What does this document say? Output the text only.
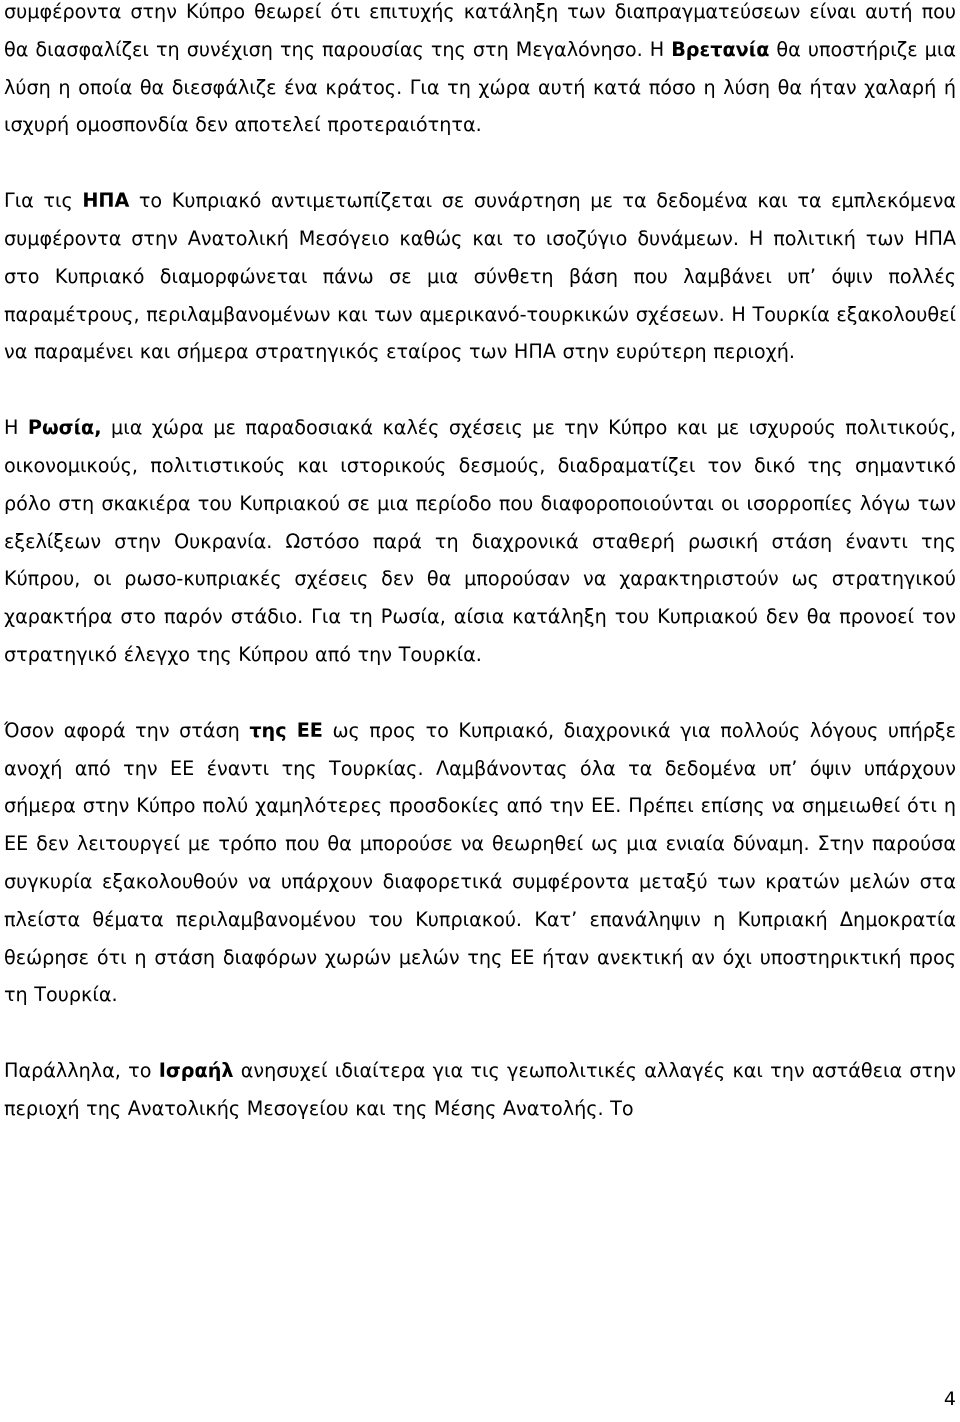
συμφέροντα στην Κύπρο θεωρεί ότι επιτυχής κατάληξη των διαπραγματεύσεων είναι αυτή που θα διασφαλίζει τη συνέχιση της παρουσίας της στη Μεγαλόνησο. Η Βρετανία θα υποστήριζε μια λύση η οποία θα διεσφάλιζε ένα κράτος. Για τη χώρα αυτή κατά πόσο η λύση θα ήταν χαλαρή ή ισχυρή ομοσπονδία δεν αποτελεί προτεραιότητα.

Για τις ΗΠΑ το Κυπριακό αντιμετωπίζεται σε συνάρτηση με τα δεδομένα και τα εμπλεκόμενα συμφέροντα στην Ανατολική Μεσόγειο καθώς και το ισοζύγιο δυνάμεων. Η πολιτική των ΗΠΑ στο Κυπριακό διαμορφώνεται πάνω σε μια σύνθετη βάση που λαμβάνει υπ’ όψιν πολλές παραμέτρους, περιλαμβανομένων και των αμερικανό-τουρκικών σχέσεων. Η Τουρκία εξακολουθεί να παραμένει και σήμερα στρατηγικός εταίρος των ΗΠΑ στην ευρύτερη περιοχή.

Η Ρωσία, μια χώρα με παραδοσιακά καλές σχέσεις με την Κύπρο και με ισχυρούς πολιτικούς, οικονομικούς, πολιτιστικούς και ιστορικούς δεσμούς, διαδραματίζει τον δικό της σημαντικό ρόλο στη σκακιέρα του Κυπριακού σε μια περίοδο που διαφοροποιούνται οι ισορροπίες λόγω των εξελίξεων στην Ουκρανία. Ωστόσο παρά τη διαχρονικά σταθερή ρωσική στάση έναντι της Κύπρου, οι ρωσο-κυπριακές σχέσεις δεν θα μπορούσαν να χαρακτηριστούν ως στρατηγικού χαρακτήρα στο παρόν στάδιο. Για τη Ρωσία, αίσια κατάληξη του Κυπριακού δεν θα προνοεί τον στρατηγικό έλεγχο της Κύπρου από την Τουρκία.

Όσον αφορά την στάση της ΕΕ ως προς το Κυπριακό, διαχρονικά για πολλούς λόγους υπήρξε ανοχή από την ΕΕ έναντι της Τουρκίας. Λαμβάνοντας όλα τα δεδομένα υπ’ όψιν υπάρχουν σήμερα στην Κύπρο πολύ χαμηλότερες προσδοκίες από την ΕΕ. Πρέπει επίσης να σημειωθεί ότι η ΕΕ δεν λειτουργεί με τρόπο που θα μπορούσε να θεωρηθεί ως μια ενιαία δύναμη. Στην παρούσα συγκυρία εξακολουθούν να υπάρχουν διαφορετικά συμφέροντα μεταξύ των κρατών μελών στα πλείστα θέματα περιλαμβανομένου του Κυπριακού. Κατ’ επανάληψιν η Κυπριακή Δημοκρατία θεώρησε ότι η στάση διαφόρων χωρών μελών της ΕΕ ήταν ανεκτική αν όχι υποστηρικτική προς τη Τουρκία.

Παράλληλα, το Ισραήλ ανησυχεί ιδιαίτερα για τις γεωπολιτικές αλλαγές και την αστάθεια στην περιοχή της Ανατολικής Μεσογείου και της Μέσης Ανατολής. Το

4
